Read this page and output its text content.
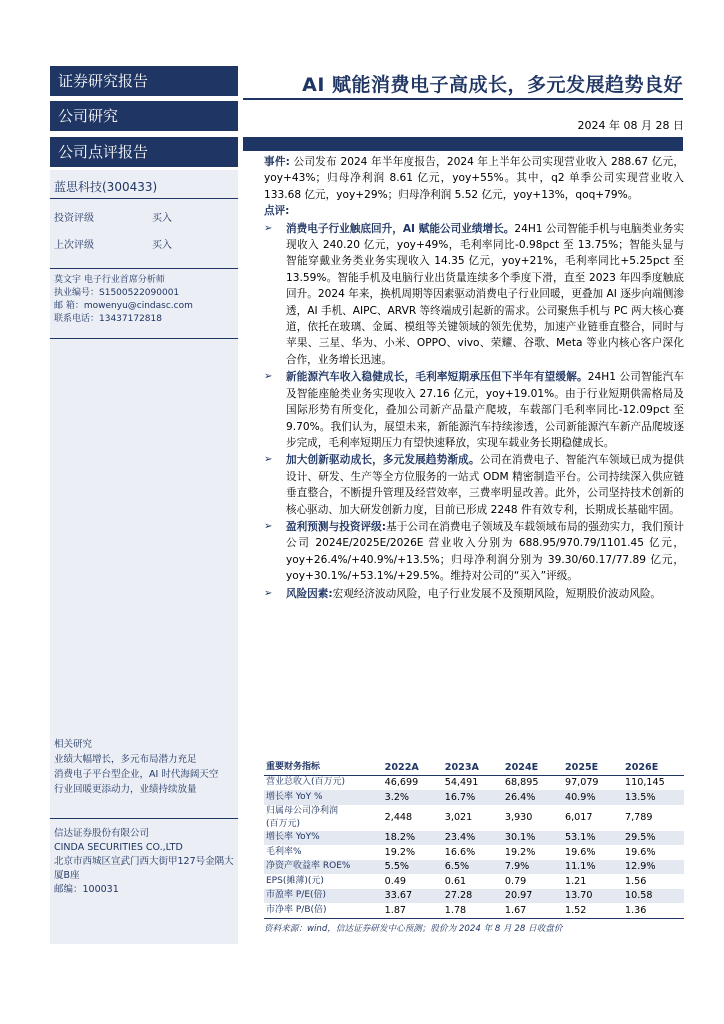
证券研究报告
公司研究
公司点评报告
蓝思科技(300433)
投资评级	买入
上次评级	买入
莫文宇 电子行业首席分析师
执业编号：S1500522090001
邮 箱：mowenyu@cindasc.com
联系电话：13437172818
相关研究
业绩大幅增长，多元布局潜力充足
消费电子平台型企业，AI 时代海阔天空
行业回暖更添动力，业绩持续放量
信达证券股份有限公司
CINDA SECURITIES CO.,LTD
北京市西城区宣武门西大街甲127号金隅大厦B座
邮编：100031
AI 赋能消费电子高成长，多元发展趋势良好
2024 年 08 月 28 日
事件: 公司发布 2024 年半年度报告，2024 年上半年公司实现营业收入 288.67 亿元，yoy+43%；归母净利润 8.61 亿元，yoy+55%。其中，q2 单季公司实现营业收入 133.68 亿元，yoy+29%；归母净利润 5.52 亿元，yoy+13%，qoq+79%。
点评:
➢ 消费电子行业触底回升，AI 赋能公司业绩增长。24H1 公司智能手机与电脑类业务实现收入 240.20 亿元，yoy+49%，毛利率同比-0.98pct 至 13.75%；智能头显与智能穿戴业务类业务实现收入 14.35 亿元，yoy+21%，毛利率同比+5.25pct 至 13.59%。智能手机及电脑行业出货量连续多个季度下滑，直至 2023 年四季度触底回升。2024 年来，换机周期等因素驱动消费电子行业回暖，更叠加 AI 逐步向端侧渗透，AI 手机、AIPC、ARVR 等终端成引起新的需求。公司聚焦手机与 PC 两大核心赛道，依托在玻璃、金属、模组等关键领域的领先优势，加速产业链垂直整合，同时与苹果、三星、华为、小米、OPPO、vivo、荣耀、谷歌、Meta 等业内核心客户深化合作，业务增长迅速。
➢ 新能源汽车收入稳健成长，毛利率短期承压但下半年有望缓解。24H1 公司智能汽车及智能座舱类业务实现收入 27.16 亿元，yoy+19.01%。由于行业短期供需格局及国际形势有所变化，叠加公司新产品量产爬坡，车载部门毛利率同比-12.09pct 至 9.70%。我们认为，展望未来，新能源汽车持续渗透，公司新能源汽车新产品爬坡逐步完成，毛利率短期压力有望快速释放，实现车载业务长期稳健成长。
➢ 加大创新驱动成长，多元发展趋势渐成。公司在消费电子、智能汽车领域已成为提供设计、研发、生产等全方位服务的一站式 ODM 精密制造平台。公司持续深入供应链垂直整合，不断提升管理及经营效率，三费率明显改善。此外，公司坚持技术创新的核心驱动、加大研发创新力度，目前已形成 2248 件有效专利，长期成长基础牢固。
➢ 盈利预测与投资评级:基于公司在消费电子领域及车载领域布局的强劲实力，我们预计公司 2024E/2025E/2026E 营业收入分别为 688.95/970.79/1101.45 亿元，yoy+26.4%/+40.9%/+13.5%；归母净利润分别为 39.30/60.17/77.89 亿元，yoy+30.1%/+53.1%/+29.5%。维持对公司的“买入”评级。
➢ 风险因素:宏观经济波动风险，电子行业发展不及预期风险，短期股价波动风险。
重要财务指标	2022A	2023A	2024E	2025E	2026E
营业总收入(百万元)	46,699	54,491	68,895	97,079	110,145
增长率 YoY %	3.2%	16.7%	26.4%	40.9%	13.5%
归属母公司净利润
(百万元)	2,448	3,021	3,930	6,017	7,789
增长率 YoY%	18.2%	23.4%	30.1%	53.1%	29.5%
毛利率%	19.2%	16.6%	19.2%	19.6%	19.6%
净资产收益率 ROE%	5.5%	6.5%	7.9%	11.1%	12.9%
EPS(摊薄)(元)	0.49	0.61	0.79	1.21	1.56
市盈率 P/E(倍)	33.67	27.28	20.97	13.70	10.58
市净率 P/B(倍)	1.87	1.78	1.67	1.52	1.36
资料来源：wind，信达证券研发中心预测；股价为 2024 年 8 月 28 日收盘价
